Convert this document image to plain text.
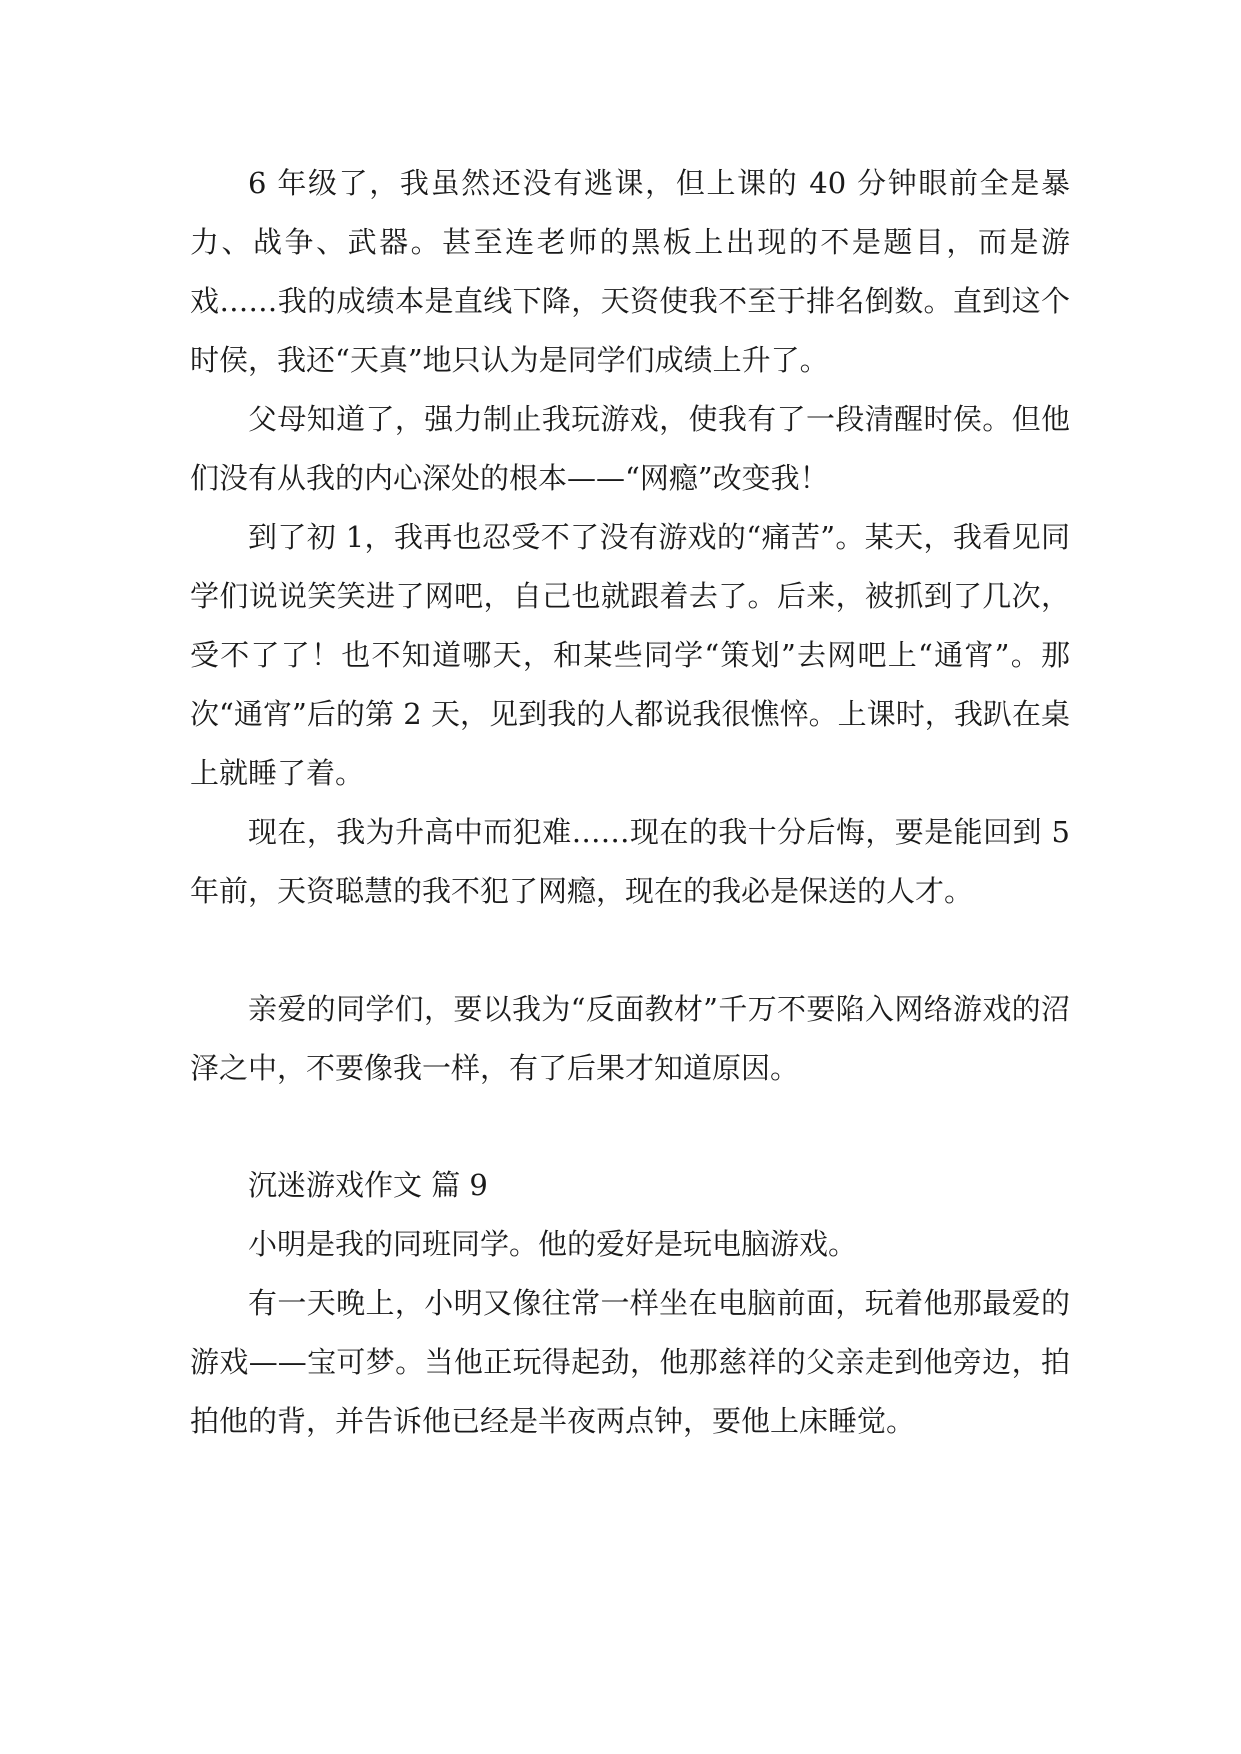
6 年级了，我虽然还没有逃课，但上课的 40 分钟眼前全是暴力、战争、武器。甚至连老师的黑板上出现的不是题目，而是游戏……我的成绩本是直线下降，天资使我不至于排名倒数。直到这个时侯，我还“天真”地只认为是同学们成绩上升了。

父母知道了，强力制止我玩游戏，使我有了一段清醒时侯。但他们没有从我的内心深处的根本——“网瘾”改变我！

到了初 1，我再也忍受不了没有游戏的“痛苦”。某天，我看见同学们说说笑笑进了网吧，自己也就跟着去了。后来，被抓到了几次，受不了了！也不知道哪天，和某些同学“策划”去网吧上“通宵”。那次“通宵”后的第 2 天，见到我的人都说我很憔悴。上课时，我趴在桌上就睡了着。

现在，我为升高中而犯难……现在的我十分后悔，要是能回到 5 年前，天资聪慧的我不犯了网瘾，现在的我必是保送的人才。

亲爱的同学们，要以我为“反面教材”千万不要陷入网络游戏的沼泽之中，不要像我一样，有了后果才知道原因。

沉迷游戏作文 篇 9

小明是我的同班同学。他的爱好是玩电脑游戏。

有一天晚上，小明又像往常一样坐在电脑前面，玩着他那最爱的游戏——宝可梦。当他正玩得起劲，他那慈祥的父亲走到他旁边，拍拍他的背，并告诉他已经是半夜两点钟，要他上床睡觉。
